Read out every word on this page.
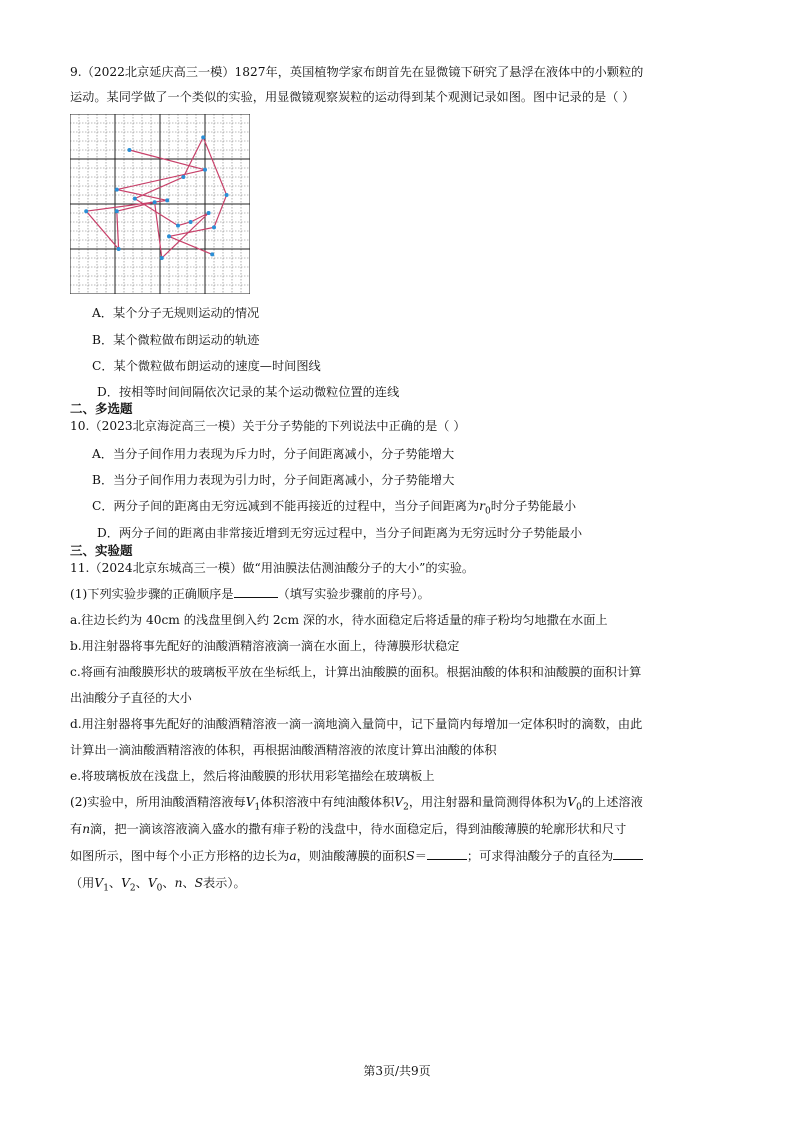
9.（2022北京延庆高三一模）1827年，英国植物学家布朗首先在显微镜下研究了悬浮在液体中的小颗粒的
运动。某同学做了一个类似的实验，用显微镜观察炭粒的运动得到某个观测记录如图。图中记录的是（ ）
A．某个分子无规则运动的情况
B．某个微粒做布朗运动的轨迹
C．某个微粒做布朗运动的速度—时间图线
D．按相等时间间隔依次记录的某个运动微粒位置的连线
二、多选题
10.（2023北京海淀高三一模）关于分子势能的下列说法中正确的是（ ）
A．当分子间作用力表现为斥力时，分子间距离减小，分子势能增大
B．当分子间作用力表现为引力时，分子间距离减小，分子势能增大
C．两分子间的距离由无穷远减到不能再接近的过程中，当分子间距离为$r_0$时分子势能最小
D．两分子间的距离由非常接近增到无穷远过程中，当分子间距离为无穷远时分子势能最小
三、实验题
11.（2024北京东城高三一模）做“用油膜法估测油酸分子的大小”的实验。
(1)下列实验步骤的正确顺序是	（填写实验步骤前的序号）。
a.往边长约为 40cm 的浅盘里倒入约 2cm 深的水，待水面稳定后将适量的痱子粉均匀地撒在水面上
b.用注射器将事先配好的油酸酒精溶液滴一滴在水面上，待薄膜形状稳定
c.将画有油酸膜形状的玻璃板平放在坐标纸上，计算出油酸膜的面积。根据油酸的体积和油酸膜的面积计算
出油酸分子直径的大小
d.用注射器将事先配好的油酸酒精溶液一滴一滴地滴入量筒中，记下量筒内每增加一定体积时的滴数，由此
计算出一滴油酸酒精溶液的体积，再根据油酸酒精溶液的浓度计算出油酸的体积
e.将玻璃板放在浅盘上，然后将油酸膜的形状用彩笔描绘在玻璃板上
(2)实验中，所用油酸酒精溶液每$V_1$体积溶液中有纯油酸体积$V_2$，用注射器和量筒测得体积为$V_0$的上述溶液
有n滴，把一滴该溶液滴入盛水的撒有痱子粉的浅盘中，待水面稳定后，得到油酸薄膜的轮廓形状和尺寸
如图所示，图中每个小正方形格的边长为a，则油酸薄膜的面积S＝	；可求得油酸分子的直径为
（用$V_1$、$V_2$、$V_0$、n、S表示）。
第3页/共9页
